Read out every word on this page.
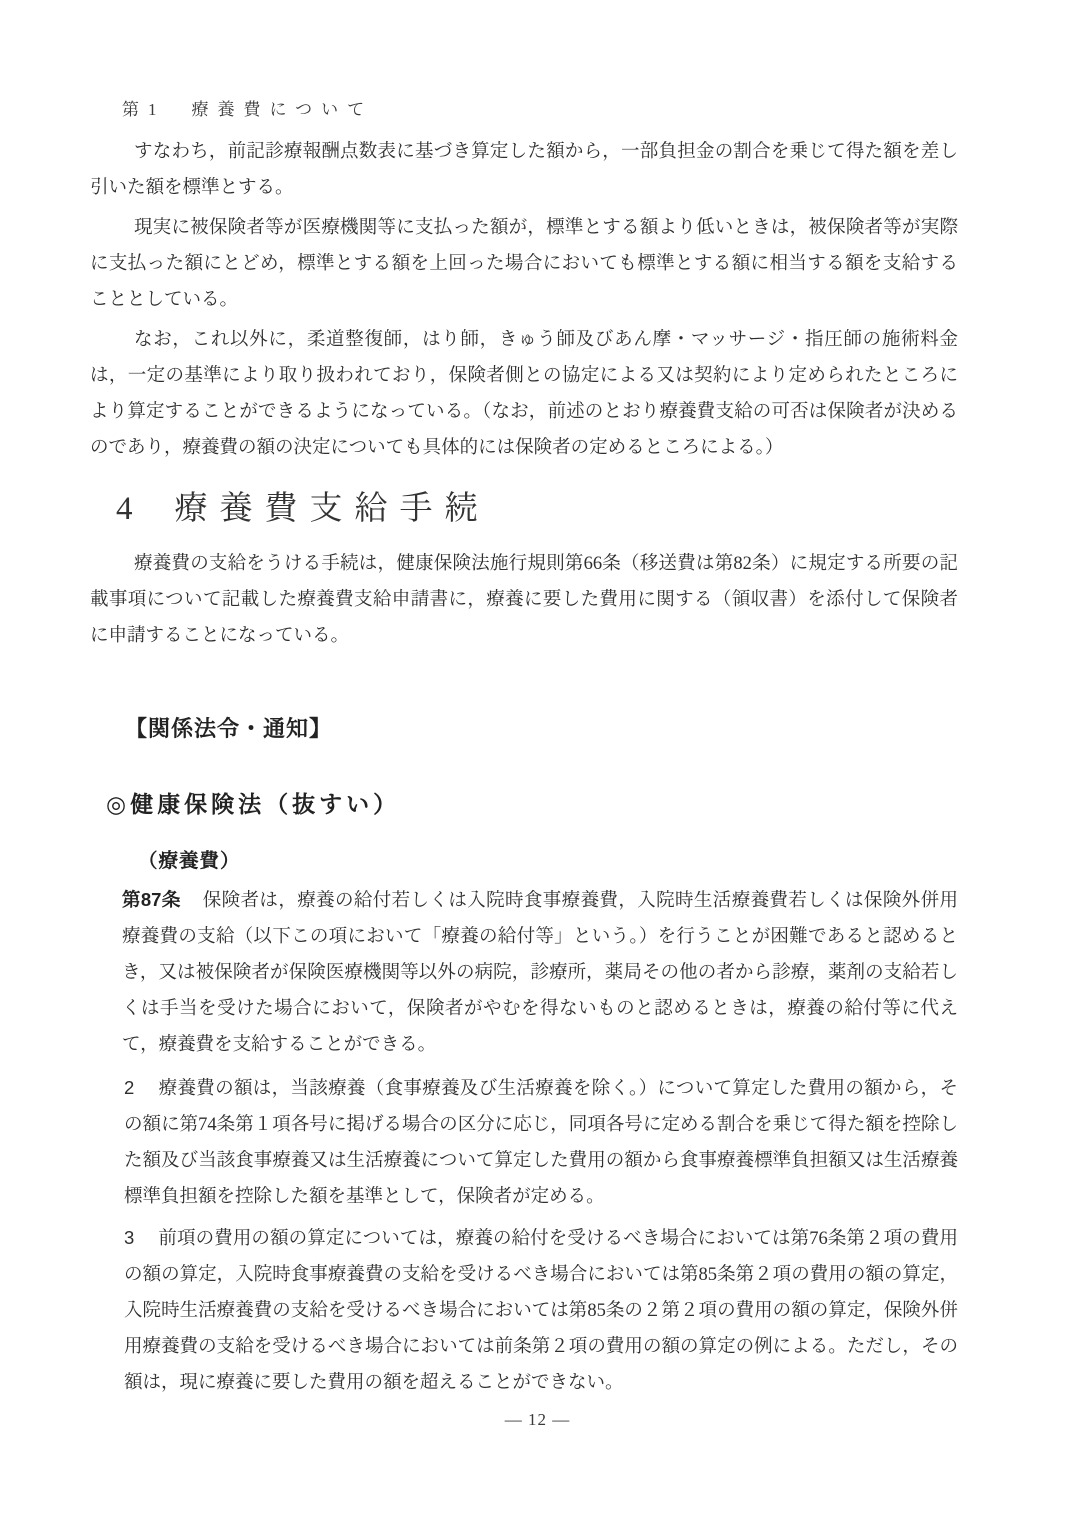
第1　療養費について

すなわち，前記診療報酬点数表に基づき算定した額から，一部負担金の割合を乗じて得た額を差し引いた額を標準とする。

現実に被保険者等が医療機関等に支払った額が，標準とする額より低いときは，被保険者等が実際に支払った額にとどめ，標準とする額を上回った場合においても標準とする額に相当する額を支給することとしている。

なお，これ以外に，柔道整復師，はり師，きゅう師及びあん摩・マッサージ・指圧師の施術料金は，一定の基準により取り扱われており，保険者側との協定による又は契約により定められたところにより算定することができるようになっている。（なお，前述のとおり療養費支給の可否は保険者が決めるのであり，療養費の額の決定についても具体的には保険者の定めるところによる。）

4 療養費支給手続

療養費の支給をうける手続は，健康保険法施行規則第66条（移送費は第82条）に規定する所要の記載事項について記載した療養費支給申請書に，療養に要した費用に関する（領収書）を添付して保険者に申請することになっている。

【関係法令・通知】
◎健康保険法（抜すい）
（療養費）

第87条 保険者は，療養の給付若しくは入院時食事療養費，入院時生活療養費若しくは保険外併用療養費の支給（以下この項において「療養の給付等」という。）を行うことが困難であると認めるとき，又は被保険者が保険医療機関等以外の病院，診療所，薬局その他の者から診療，薬剤の支給若しくは手当を受けた場合において，保険者がやむを得ないものと認めるときは，療養の給付等に代えて，療養費を支給することができる。

2 療養費の額は，当該療養（食事療養及び生活療養を除く。）について算定した費用の額から，その額に第74条第１項各号に掲げる場合の区分に応じ，同項各号に定める割合を乗じて得た額を控除した額及び当該食事療養又は生活療養について算定した費用の額から食事療養標準負担額又は生活療養標準負担額を控除した額を基準として，保険者が定める。

3 前項の費用の額の算定については，療養の給付を受けるべき場合においては第76条第２項の費用の額の算定，入院時食事療養費の支給を受けるべき場合においては第85条第２項の費用の額の算定，入院時生活療養費の支給を受けるべき場合においては第85条の２第２項の費用の額の算定，保険外併用療養費の支給を受けるべき場合においては前条第２項の費用の額の算定の例による。ただし，その額は，現に療養に要した費用の額を超えることができない。

― 12 ―
